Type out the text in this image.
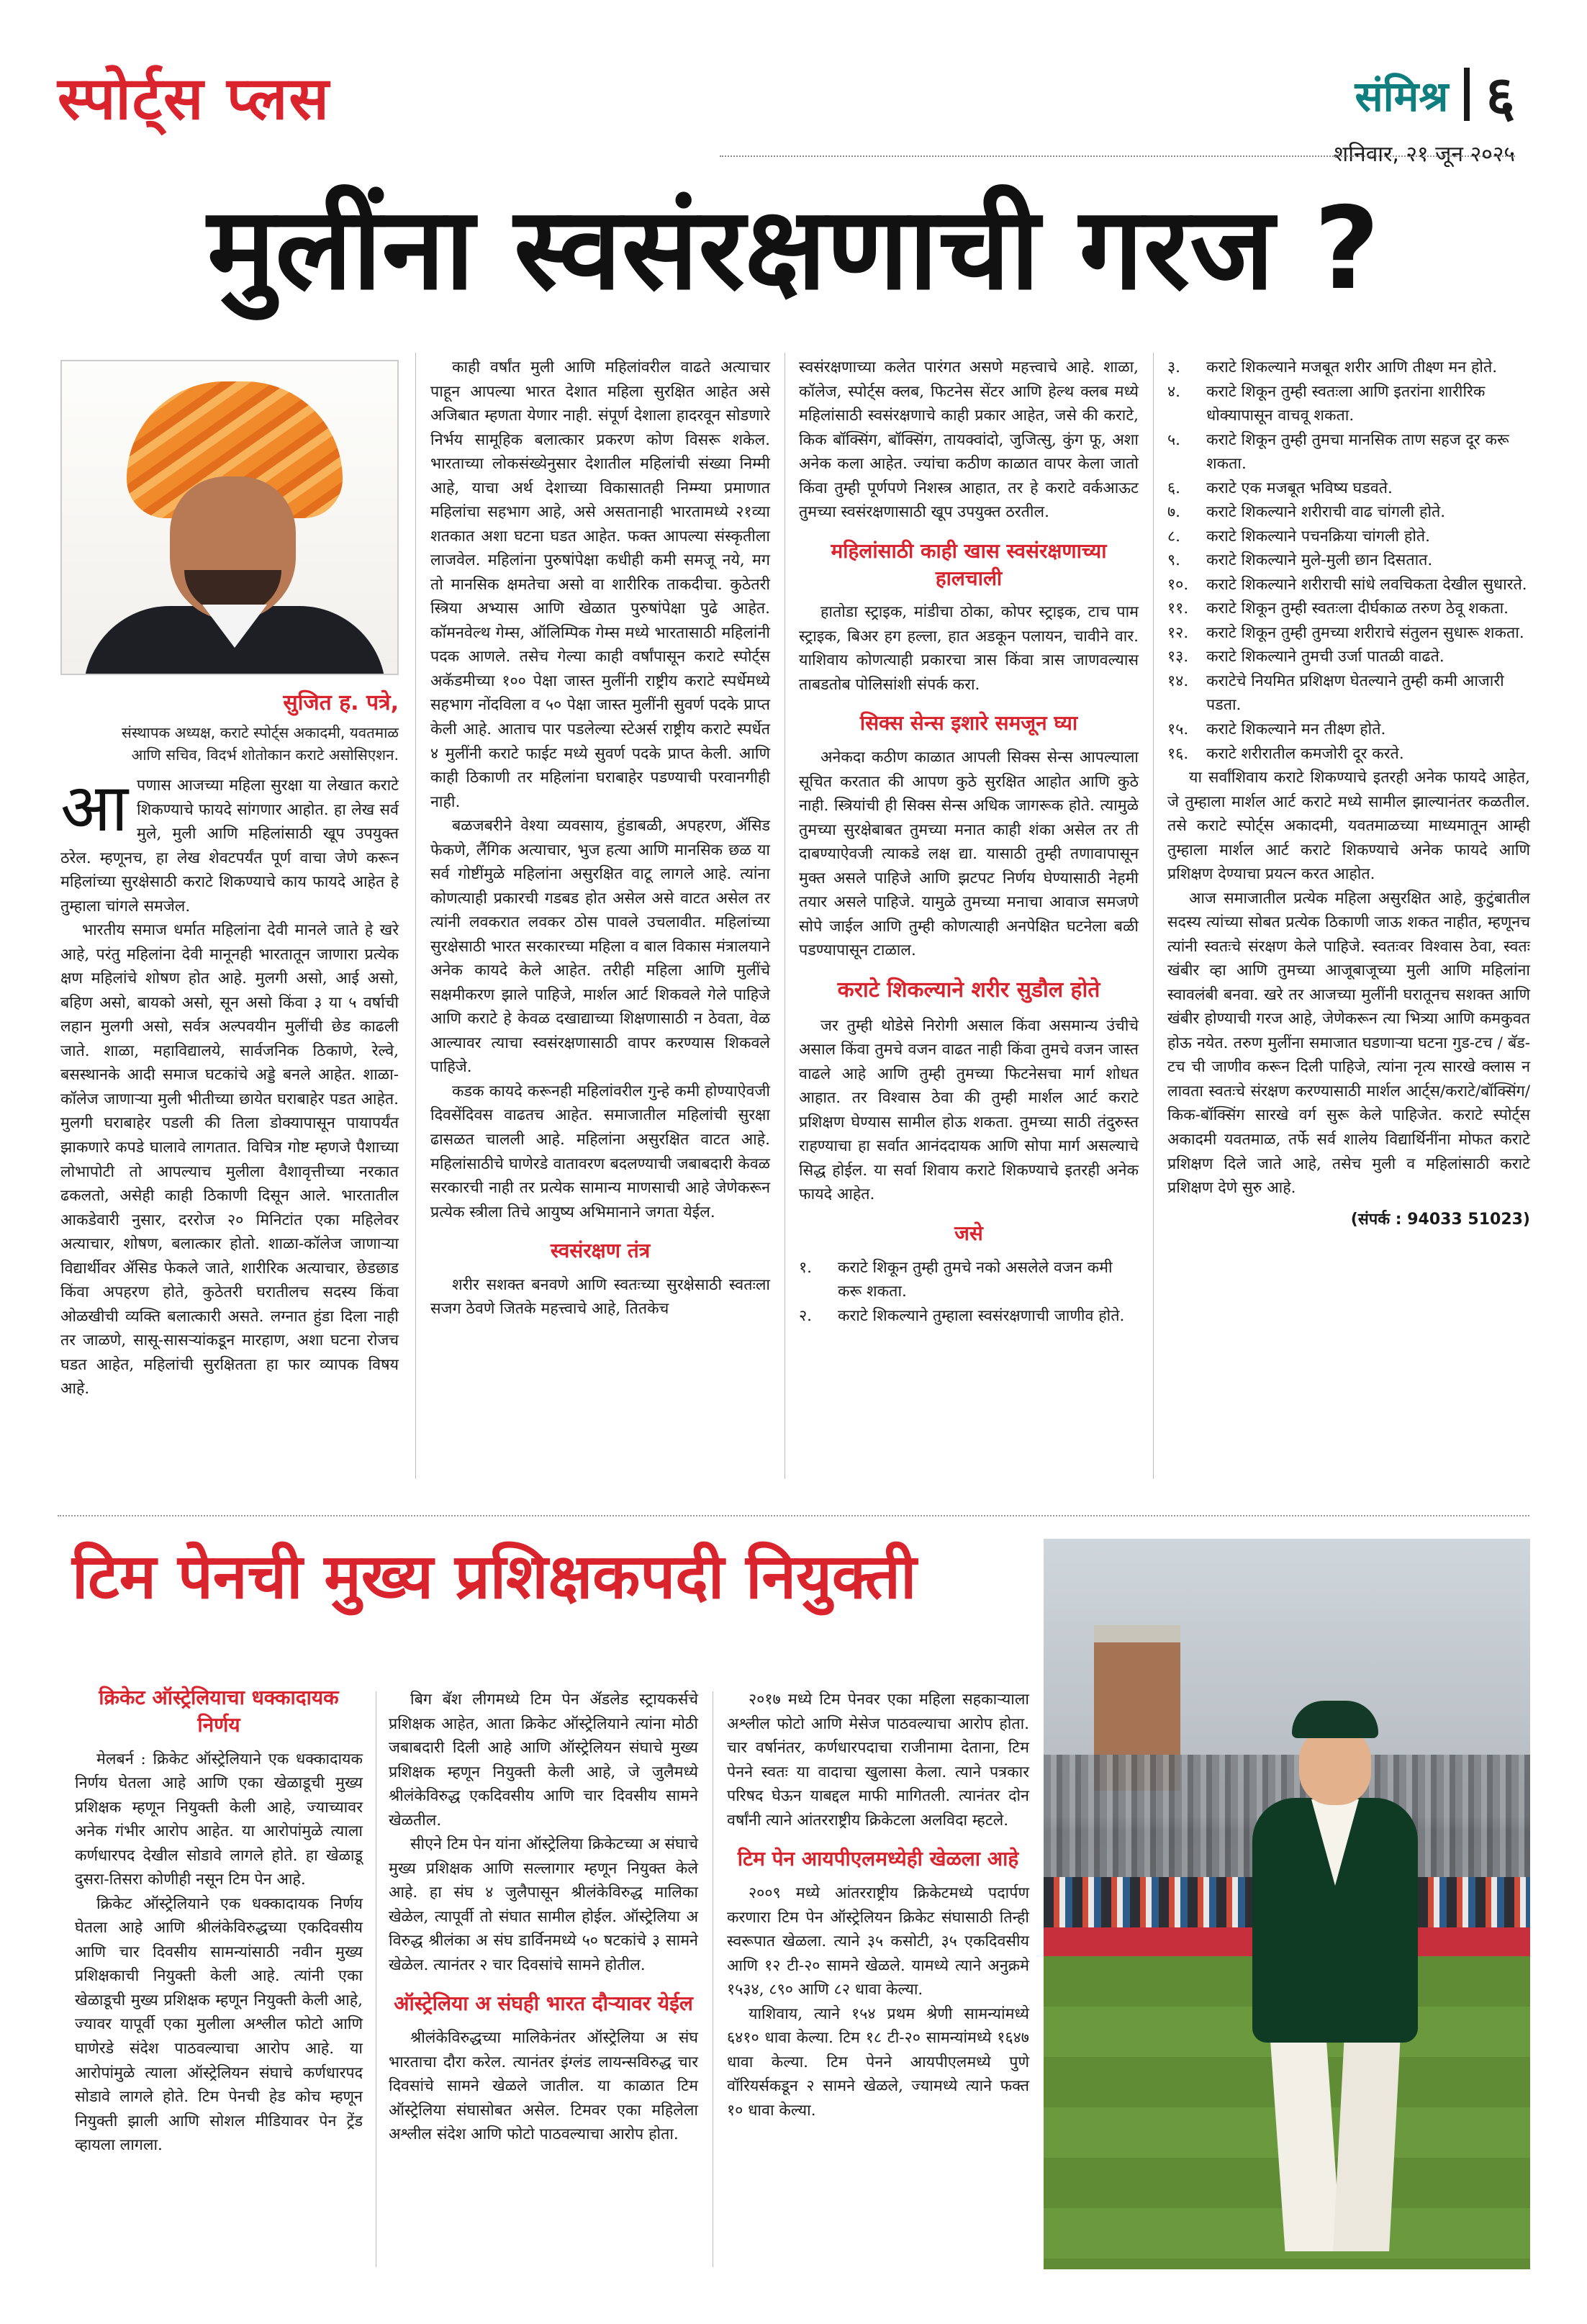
स्पोर्ट्स प्लस	संमिश्र ६
शनिवार, २१ जून २०२५
मुलींना स्वसंरक्षणाची गरज ?
सुजित ह. पत्रे,
संस्थापक अध्यक्ष, कराटे स्पोर्ट्स अकादमी, यवतमाळ
आणि सचिव, विदर्भ शोतोकान कराटे असोसिएशन.

आपणास आजच्या महिला सुरक्षा या लेखात कराटे शिकण्याचे फायदे सांगणार आहोत. हा लेख सर्व मुले, मुली आणि महिलांसाठी खूप उपयुक्त ठरेल. म्हणूनच, हा लेख शेवटपर्यंत पूर्ण वाचा जेणे करून महिलांच्या सुरक्षेसाठी कराटे शिकण्याचे काय फायदे आहेत हे तुम्हाला चांगले समजेल.

भारतीय समाज धर्मात महिलांना देवी मानले जाते हे खरे आहे, परंतु महिलांना देवी मानूनही भारतातून जाणारा प्रत्येक क्षण महिलांचे शोषण होत आहे. मुलगी असो, आई असो, बहिण असो, बायको असो, सून असो किंवा ३ या ५ वर्षाची लहान मुलगी असो, सर्वत्र अल्पवयीन मुलींची छेड काढली जाते. शाळा, महाविद्यालये, सार्वजनिक ठिकाणे, रेल्वे, बसस्थानके आदी समाज घटकांचे अड्डे बनले आहेत. शाळा-कॉलेज जाणाऱ्या मुली भीतीच्या छायेत घराबाहेर पडत आहेत. मुलगी घराबाहेर पडली की तिला डोक्यापासून पायापर्यंत झाकणारे कपडे घालावे लागतात. विचित्र गोष्ट म्हणजे पैशाच्या लोभापोटी तो आपल्याच मुलीला वैशावृत्तीच्या नरकात ढकलतो, असेही काही ठिकाणी दिसून आले. भारतातील आकडेवारी नुसार, दररोज २० मिनिटांत एका महिलेवर अत्याचार, शोषण, बलात्कार होतो. शाळा-कॉलेज जाणाऱ्या विद्यार्थीवर ॲसिड फेकले जाते, शारीरिक अत्याचार, छेडछाड किंवा अपहरण होते, कुठेतरी घरातीलच सदस्य किंवा ओळखीची व्यक्ति बलात्कारी असते. लग्नात हुंडा दिला नाही तर जाळणे, सासू-सासऱ्यांकडून मारहाण, अशा घटना रोजच घडत आहेत, महिलांची सुरक्षितता हा फार व्यापक विषय आहे.

काही वर्षांत मुली आणि महिलांवरील वाढते अत्याचार पाहून आपल्या भारत देशात महिला सुरक्षित आहेत असे अजिबात म्हणता येणार नाही. संपूर्ण देशाला हादरवून सोडणारे निर्भय सामूहिक बलात्कार प्रकरण कोण विसरू शकेल. भारताच्या लोकसंख्येनुसार देशातील महिलांची संख्या निम्मी आहे, याचा अर्थ देशाच्या विकासातही निम्म्या प्रमाणात महिलांचा सहभाग आहे, असे असतानाही भारतामध्ये २१व्या शतकात अशा घटना घडत आहेत. फक्त आपल्या संस्कृतीला लाजवेल. महिलांना पुरुषांपेक्षा कधीही कमी समजू नये, मग तो मानसिक क्षमतेचा असो वा शारीरिक ताकदीचा. कुठेतरी स्त्रिया अभ्यास आणि खेळात पुरुषांपेक्षा पुढे आहेत. कॉमनवेल्थ गेम्स, ऑलिम्पिक गेम्स मध्ये भारतासाठी महिलांनी पदक आणले. तसेच गेल्या काही वर्षांपासून कराटे स्पोर्ट्स अकॅडमीच्या १०० पेक्षा जास्त मुलींनी राष्ट्रीय कराटे स्पर्धेमध्ये सहभाग नोंदविला व ५० पेक्षा जास्त मुलींनी सुवर्ण पदके प्राप्त केली आहे. आताच पार पडलेल्या स्टेअर्स राष्ट्रीय कराटे स्पर्धेत ४ मुलींनी कराटे फाईट मध्ये सुवर्ण पदके प्राप्त केली. आणि काही ठिकाणी तर महिलांना घराबाहेर पडण्याची परवानगीही नाही.

बळजबरीने वेश्या व्यवसाय, हुंडाबळी, अपहरण, ॲसिड फेकणे, लैंगिक अत्याचार, भुज हत्या आणि मानसिक छळ या सर्व गोष्टींमुळे महिलांना असुरक्षित वाटू लागले आहे. त्यांना कोणत्याही प्रकारची गडबड होत असेल असे वाटत असेल तर त्यांनी लवकरात लवकर ठोस पावले उचलावीत. महिलांच्या सुरक्षेसाठी भारत सरकारच्या महिला व बाल विकास मंत्रालयाने अनेक कायदे केले आहेत. तरीही महिला आणि मुलींचे सक्षमीकरण झाले पाहिजे, मार्शल आर्ट शिकवले गेले पाहिजे आणि कराटे हे केवळ दखाद्याच्या शिक्षणासाठी न ठेवता, वेळ आल्यावर त्याचा स्वसंरक्षणासाठी वापर करण्यास शिकवले पाहिजे.

कडक कायदे करूनही महिलांवरील गुन्हे कमी होण्याऐवजी दिवसेंदिवस वाढतच आहेत. समाजातील महिलांची सुरक्षा ढासळत चालली आहे. महिलांना असुरक्षित वाटत आहे. महिलांसाठीचे घाणेरडे वातावरण बदलण्याची जबाबदारी केवळ सरकारची नाही तर प्रत्येक सामान्य माणसाची आहे जेणेकरून प्रत्येक स्त्रीला तिचे आयुष्य अभिमानाने जगता येईल.

स्वसंरक्षण तंत्र

शरीर सशक्त बनवणे आणि स्वतःच्या सुरक्षेसाठी स्वतःला सजग ठेवणे जितके महत्त्वाचे आहे, तितकेच

स्वसंरक्षणाच्या कलेत पारंगत असणे महत्त्वाचे आहे. शाळा, कॉलेज, स्पोर्ट्स क्लब, फिटनेस सेंटर आणि हेल्थ क्लब मध्ये महिलांसाठी स्वसंरक्षणाचे काही प्रकार आहेत, जसे की कराटे, किक बॉक्सिंग, बॉक्सिंग, तायक्वांदो, जुजित्सु, कुंग फू, अशा अनेक कला आहेत. ज्यांचा कठीण काळात वापर केला जातो किंवा तुम्ही पूर्णपणे निशस्त्र आहात, तर हे कराटे वर्कआऊट तुमच्या स्वसंरक्षणासाठी खूप उपयुक्त ठरतील.

महिलांसाठी काही खास स्वसंरक्षणाच्या हालचाली

हातोडा स्ट्राइक, मांडीचा ठोका, कोपर स्ट्राइक, टाच पाम स्ट्राइक, बिअर हग हल्ला, हात अडकून पलायन, चावीने वार. याशिवाय कोणत्याही प्रकारचा त्रास किंवा त्रास जाणवल्यास ताबडतोब पोलिसांशी संपर्क करा.

सिक्स सेन्स इशारे समजून घ्या

अनेकदा कठीण काळात आपली सिक्स सेन्स आपल्याला सूचित करतात की आपण कुठे सुरक्षित आहोत आणि कुठे नाही. स्त्रियांची ही सिक्स सेन्स अधिक जागरूक होते. त्यामुळे तुमच्या सुरक्षेबाबत तुमच्या मनात काही शंका असेल तर ती दाबण्याऐवजी त्याकडे लक्ष द्या. यासाठी तुम्ही तणावापासून मुक्त असले पाहिजे आणि झटपट निर्णय घेण्यासाठी नेहमी तयार असले पाहिजे. यामुळे तुमच्या मनाचा आवाज समजणे सोपे जाईल आणि तुम्ही कोणत्याही अनपेक्षित घटनेला बळी पडण्यापासून टाळाल.

कराटे शिकल्याने शरीर सुडौल होते

जर तुम्ही थोडेसे निरोगी असाल किंवा असमान्य उंचीचे असाल किंवा तुमचे वजन वाढत नाही किंवा तुमचे वजन जास्त वाढले आहे आणि तुम्ही तुमच्या फिटनेसचा मार्ग शोधत आहात. तर विश्वास ठेवा की तुम्ही मार्शल आर्ट कराटे प्रशिक्षण घेण्यास सामील होऊ शकता. तुमच्या साठी तंदुरुस्त राहण्याचा हा सर्वात आनंददायक आणि सोपा मार्ग असल्याचे सिद्ध होईल. या सर्वा शिवाय कराटे शिकण्याचे इतरही अनेक फायदे आहेत.

जसे
१.	कराटे शिकून तुम्ही तुमचे नको असलेले वजन कमी करू शकता.
२.	कराटे शिकल्याने तुम्हाला स्वसंरक्षणाची जाणीव होते.
३.	कराटे शिकल्याने मजबूत शरीर आणि तीक्ष्ण मन होते.
४.	कराटे शिकून तुम्ही स्वतःला आणि इतरांना शारीरिक धोक्यापासून वाचवू शकता.
५.	कराटे शिकून तुम्ही तुमचा मानसिक ताण सहज दूर करू शकता.
६.	कराटे एक मजबूत भविष्य घडवते.
७.	कराटे शिकल्याने शरीराची वाढ चांगली होते.
८.	कराटे शिकल्याने पचनक्रिया चांगली होते.
९.	कराटे शिकल्याने मुले-मुली छान दिसतात.
१०.	कराटे शिकल्याने शरीराची सांधे लवचिकता देखील सुधारते.
११.	कराटे शिकून तुम्ही स्वतःला दीर्घकाळ तरुण ठेवू शकता.
१२.	कराटे शिकून तुम्ही तुमच्या शरीराचे संतुलन सुधारू शकता.
१३.	कराटे शिकल्याने तुमची उर्जा पातळी वाढते.
१४.	कराटेचे नियमित प्रशिक्षण घेतल्याने तुम्ही कमी आजारी पडता.
१५.	कराटे शिकल्याने मन तीक्ष्ण होते.
१६.	कराटे शरीरातील कमजोरी दूर करते.

या सर्वांशिवाय कराटे शिकण्याचे इतरही अनेक फायदे आहेत, जे तुम्हाला मार्शल आर्ट कराटे मध्ये सामील झाल्यानंतर कळतील. तसे कराटे स्पोर्ट्स अकादमी, यवतमाळच्या माध्यमातून आम्ही तुम्हाला मार्शल आर्ट कराटे शिकण्याचे अनेक फायदे आणि प्रशिक्षण देण्याचा प्रयत्न करत आहोत.

आज समाजातील प्रत्येक महिला असुरक्षित आहे, कुटुंबातील सदस्य त्यांच्या सोबत प्रत्येक ठिकाणी जाऊ शकत नाहीत, म्हणूनच त्यांनी स्वतःचे संरक्षण केले पाहिजे. स्वतःवर विश्वास ठेवा, स्वतः खंबीर व्हा आणि तुमच्या आजूबाजूच्या मुली आणि महिलांना स्वावलंबी बनवा. खरे तर आजच्या मुलींनी घरातूनच सशक्त आणि खंबीर होण्याची गरज आहे, जेणेकरून त्या भित्र्या आणि कमकुवत होऊ नयेत. तरुण मुलींना समाजात घडणाऱ्या घटना गुड-टच / बॅड-टच ची जाणीव करून दिली पाहिजे, त्यांना नृत्य सारखे क्लास न लावता स्वतःचे संरक्षण करण्यासाठी मार्शल आर्ट्स/कराटे/बॉक्सिंग/किक-बॉक्सिंग सारखे वर्ग सुरू केले पाहिजेत. कराटे स्पोर्ट्स अकादमी यवतमाळ, तर्फे सर्व शालेय विद्यार्थिनींना मोफत कराटे प्रशिक्षण दिले जाते आहे, तसेच मुली व महिलांसाठी कराटे प्रशिक्षण देणे सुरु आहे.

(संपर्क : 94033 51023)
टिम पेनची मुख्य प्रशिक्षकपदी नियुक्ती
क्रिकेट ऑस्ट्रेलियाचा धक्कादायक निर्णय

मेलबर्न : क्रिकेट ऑस्ट्रेलियाने एक धक्कादायक निर्णय घेतला आहे आणि एका खेळाडूची मुख्य प्रशिक्षक म्हणून नियुक्ती केली आहे, ज्याच्यावर अनेक गंभीर आरोप आहेत. या आरोपांमुळे त्याला कर्णधारपद देखील सोडावे लागले होते. हा खेळाडू दुसरा-तिसरा कोणीही नसून टिम पेन आहे.

क्रिकेट ऑस्ट्रेलियाने एक धक्कादायक निर्णय घेतला आहे आणि श्रीलंकेविरुद्धच्या एकदिवसीय आणि चार दिवसीय सामन्यांसाठी नवीन मुख्य प्रशिक्षकाची नियुक्ती केली आहे. त्यांनी एका खेळाडूची मुख्य प्रशिक्षक म्हणून नियुक्ती केली आहे, ज्यावर यापूर्वी एका मुलीला अश्लील फोटो आणि घाणेरडे संदेश पाठवल्याचा आरोप आहे. या आरोपांमुळे त्याला ऑस्ट्रेलियन संघाचे कर्णधारपद सोडावे लागले होते. टिम पेनची हेड कोच म्हणून नियुक्ती झाली आणि सोशल मीडियावर पेन ट्रेंड व्हायला लागला.

बिग बॅश लीगमध्ये टिम पेन ॲडलेड स्ट्रायकर्सचे प्रशिक्षक आहेत, आता क्रिकेट ऑस्ट्रेलियाने त्यांना मोठी जबाबदारी दिली आहे आणि ऑस्ट्रेलियन संघाचे मुख्य प्रशिक्षक म्हणून नियुक्ती केली आहे, जे जुलैमध्ये श्रीलंकेविरुद्ध एकदिवसीय आणि चार दिवसीय सामने खेळतील.

सीएने टिम पेन यांना ऑस्ट्रेलिया क्रिकेटच्या अ संघाचे मुख्य प्रशिक्षक आणि सल्लागार म्हणून नियुक्त केले आहे. हा संघ ४ जुलैपासून श्रीलंकेविरुद्ध मालिका खेळेल, त्यापूर्वी तो संघात सामील होईल. ऑस्ट्रेलिया अ विरुद्ध श्रीलंका अ संघ डार्विनमध्ये ५० षटकांचे ३ सामने खेळेल. त्यानंतर २ चार दिवसांचे सामने होतील.

ऑस्ट्रेलिया अ संघही भारत दौऱ्यावर येईल

श्रीलंकेविरुद्धच्या मालिकेनंतर ऑस्ट्रेलिया अ संघ भारताचा दौरा करेल. त्यानंतर इंग्लंड लायन्सविरुद्ध चार दिवसांचे सामने खेळले जातील. या काळात टिम ऑस्ट्रेलिया संघासोबत असेल. टिमवर एका महिलेला अश्लील संदेश आणि फोटो पाठवल्याचा आरोप होता.

२०१७ मध्ये टिम पेनवर एका महिला सहकाऱ्याला अश्लील फोटो आणि मेसेज पाठवल्याचा आरोप होता. चार वर्षानंतर, कर्णधारपदाचा राजीनामा देताना, टिम पेनने स्वतः या वादाचा खुलासा केला. त्याने पत्रकार परिषद घेऊन याबद्दल माफी मागितली. त्यानंतर दोन वर्षांनी त्याने आंतरराष्ट्रीय क्रिकेटला अलविदा म्हटले.

टिम पेन आयपीएलमध्येही खेळला आहे

२००९ मध्ये आंतरराष्ट्रीय क्रिकेटमध्ये पदार्पण करणारा टिम पेन ऑस्ट्रेलियन क्रिकेट संघासाठी तिन्ही स्वरूपात खेळला. त्याने ३५ कसोटी, ३५ एकदिवसीय आणि १२ टी-२० सामने खेळले. यामध्ये त्याने अनुक्रमे १५३४, ८९० आणि ८२ धावा केल्या.

याशिवाय, त्याने १५४ प्रथम श्रेणी सामन्यांमध्ये ६४१० धावा केल्या. टिम १८ टी-२० सामन्यांमध्ये १६४७ धावा केल्या. टिम पेनने आयपीएलमध्ये पुणे वॉरियर्सकडून २ सामने खेळले, ज्यामध्ये त्याने फक्त १० धावा केल्या.
